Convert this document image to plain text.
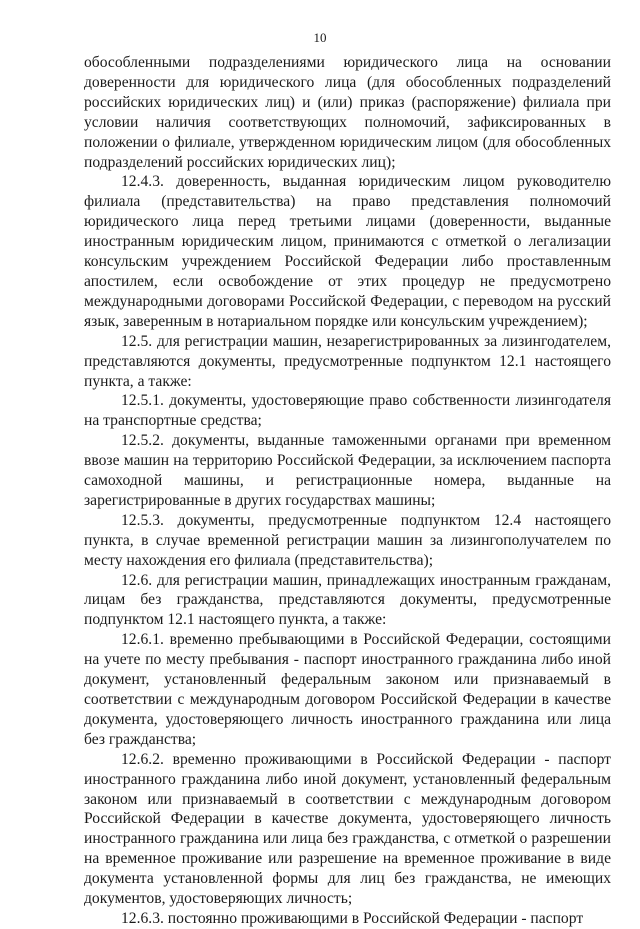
10

обособленными подразделениями юридического лица на основании доверенности для юридического лица (для обособленных подразделений российских юридических лиц) и (или) приказ (распоряжение) филиала при условии наличия соответствующих полномочий, зафиксированных в положении о филиале, утвержденном юридическим лицом (для обособленных подразделений российских юридических лиц);

12.4.3. доверенность, выданная юридическим лицом руководителю филиала (представительства) на право представления полномочий юридического лица перед третьими лицами (доверенности, выданные иностранным юридическим лицом, принимаются с отметкой о легализации консульским учреждением Российской Федерации либо проставленным апостилем, если освобождение от этих процедур не предусмотрено международными договорами Российской Федерации, с переводом на русский язык, заверенным в нотариальном порядке или консульским учреждением);

12.5. для регистрации машин, незарегистрированных за лизингодателем, представляются документы, предусмотренные подпунктом 12.1 настоящего пункта, а также:

12.5.1. документы, удостоверяющие право собственности лизингодателя на транспортные средства;

12.5.2. документы, выданные таможенными органами при временном ввозе машин на территорию Российской Федерации, за исключением паспорта самоходной машины, и регистрационные номера, выданные на зарегистрированные в других государствах машины;

12.5.3. документы, предусмотренные подпунктом 12.4 настоящего пункта, в случае временной регистрации машин за лизингополучателем по месту нахождения его филиала (представительства);

12.6. для регистрации машин, принадлежащих иностранным гражданам, лицам без гражданства, представляются документы, предусмотренные подпунктом 12.1 настоящего пункта, а также:

12.6.1. временно пребывающими в Российской Федерации, состоящими на учете по месту пребывания - паспорт иностранного гражданина либо иной документ, установленный федеральным законом или признаваемый в соответствии с международным договором Российской Федерации в качестве документа, удостоверяющего личность иностранного гражданина или лица без гражданства;

12.6.2. временно проживающими в Российской Федерации - паспорт иностранного гражданина либо иной документ, установленный федеральным законом или признаваемый в соответствии с международным договором Российской Федерации в качестве документа, удостоверяющего личность иностранного гражданина или лица без гражданства, с отметкой о разрешении на временное проживание или разрешение на временное проживание в виде документа установленной формы для лиц без гражданства, не имеющих документов, удостоверяющих личность;

12.6.3. постоянно проживающими в Российской Федерации - паспорт
